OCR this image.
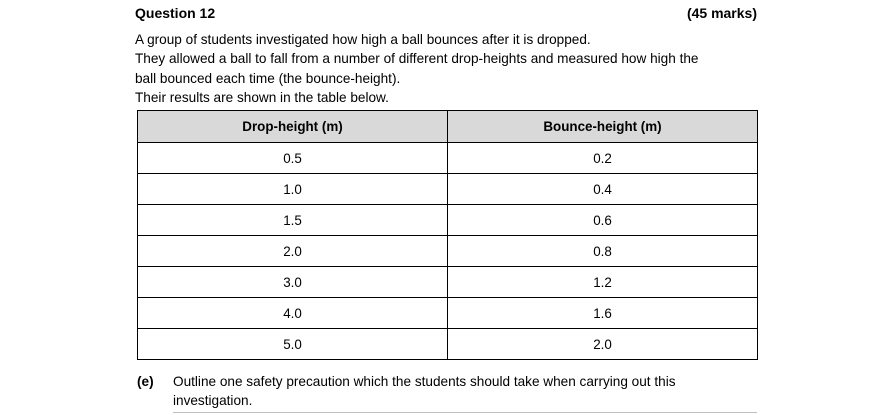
Question 12	(45 marks)

A group of students investigated how high a ball bounces after it is dropped.

They allowed a ball to fall from a number of different drop-heights and measured how high the

ball bounced each time (the bounce-height).

Their results are shown in the table below.

Drop-height (m)	Bounce-height (m)
0.5	0.2
1.0	0.4
1.5	0.6
2.0	0.8
3.0	1.2
4.0	1.6
5.0	2.0
(e) Outline one safety precaution which the students should take when carrying out this investigation.
